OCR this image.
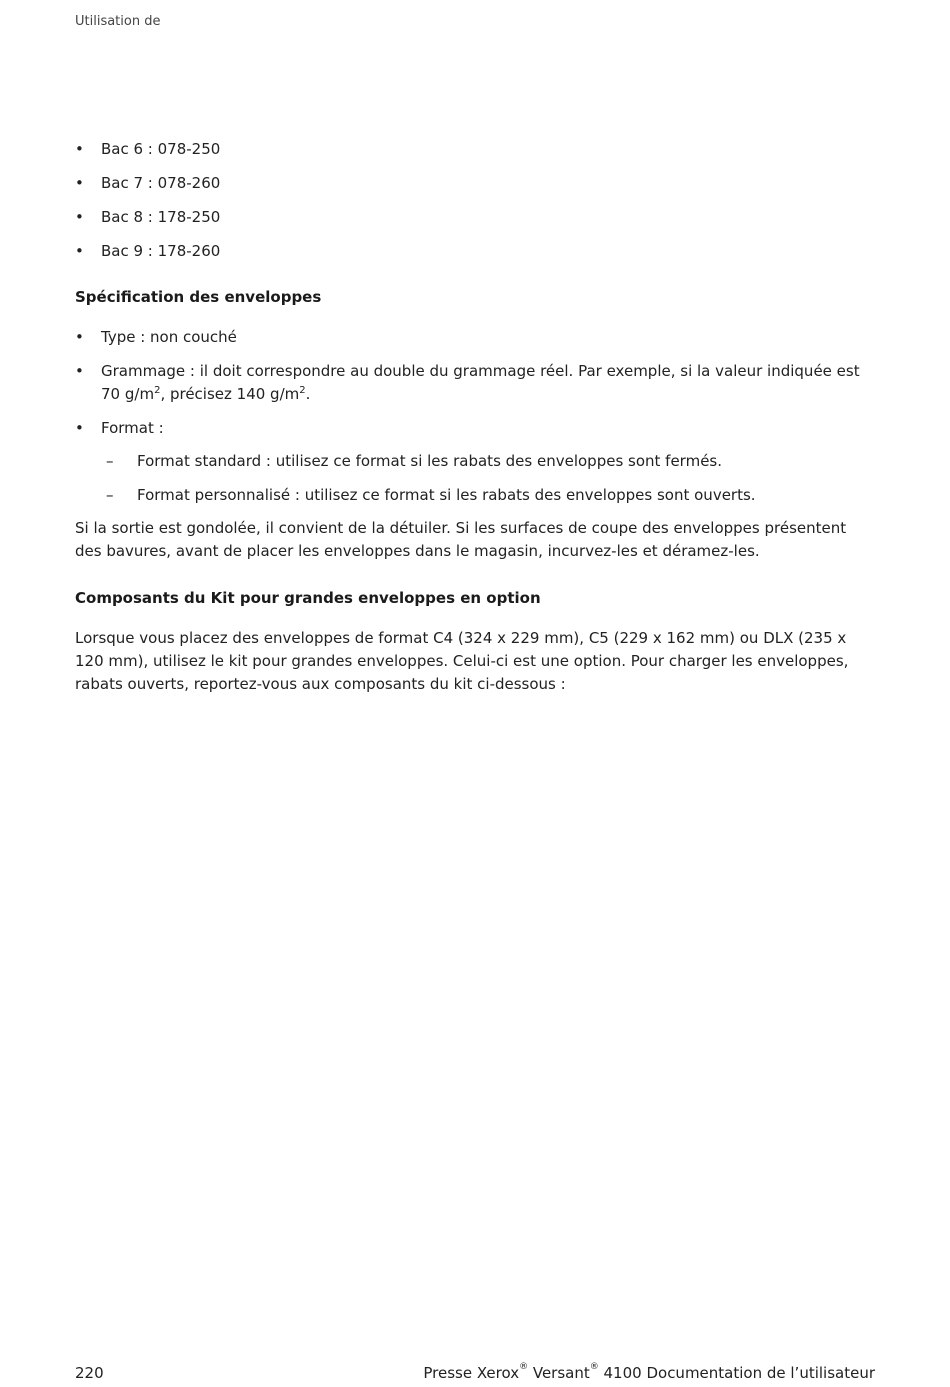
Utilisation de
• Bac 6 : 078-250
• Bac 7 : 078-260
• Bac 8 : 178-250
• Bac 9 : 178-260
Spécification des enveloppes
• Type : non couché
• Grammage : il doit correspondre au double du grammage réel. Par exemple, si la valeur indiquée est 70 $g/m^2$, précisez 140 $g/m^2$.
• Format :
– Format standard : utilisez ce format si les rabats des enveloppes sont fermés.
– Format personnalisé : utilisez ce format si les rabats des enveloppes sont ouverts.

Si la sortie est gondolée, il convient de la détuiler. Si les surfaces de coupe des enveloppes présentent des bavures, avant de placer les enveloppes dans le magasin, incurvez-les et déramez-les.

Composants du Kit pour grandes enveloppes en option

Lorsque vous placez des enveloppes de format C4 (324 x 229 mm), C5 (229 x 162 mm) ou DLX (235 x 120 mm), utilisez le kit pour grandes enveloppes. Celui-ci est une option. Pour charger les enveloppes, rabats ouverts, reportez-vous aux composants du kit ci-dessous :

220	Presse Xerox® Versant® 4100 Documentation de l’utilisateur
